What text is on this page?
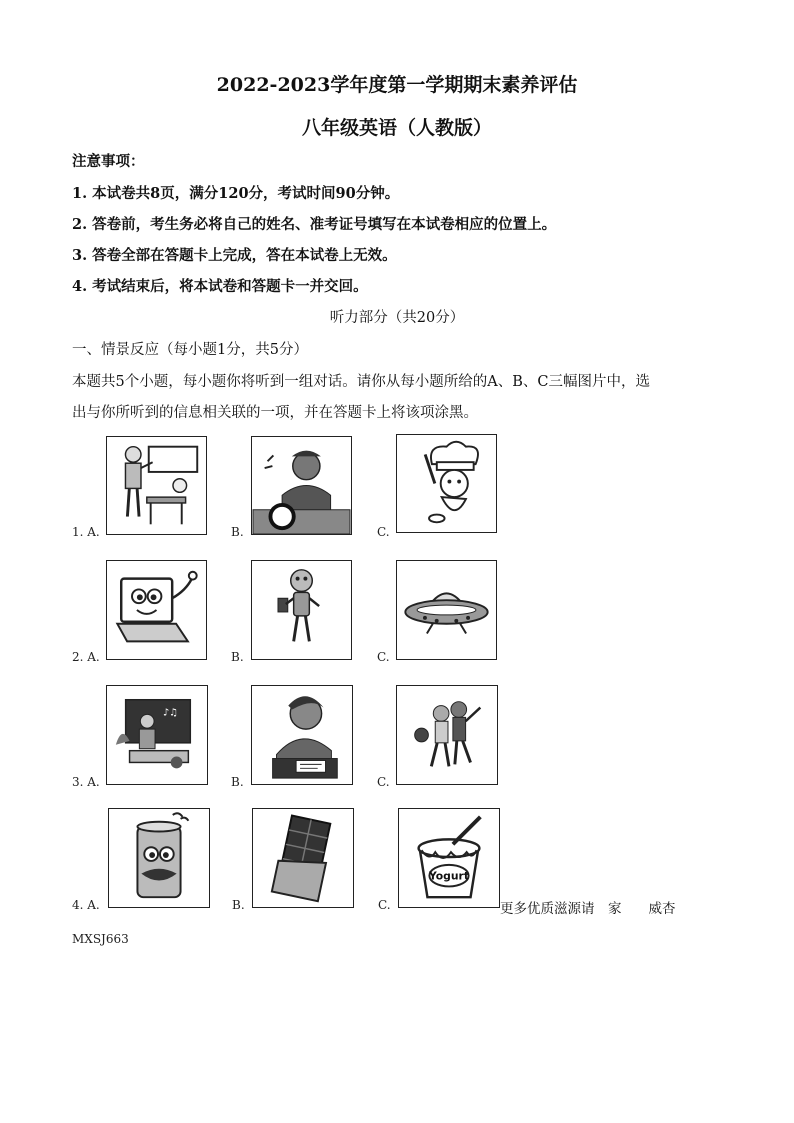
2022-2023学年度第一学期期末素养评估
八年级英语（人教版）
注意事项：
1. 本试卷共8页，满分120分，考试时间90分钟。
2. 答卷前，考生务必将自己的姓名、准考证号填写在本试卷相应的位置上。
3. 答卷全部在答题卡上完成，答在本试卷上无效。
4. 考试结束后，将本试卷和答题卡一并交回。
听力部分（共20分）
一、情景反应（每小题1分，共5分）
本题共5个小题，每小题你将听到一组对话。请你从每小题所给的A、B、C三幅图片中，选
出与你所听到的信息相关联的一项，并在答题卡上将该项涂黑。
1. A.	B.	C.
2. A.	B.	C.
3. A.
♪♫
B.	C.
4. A.	B.	C.
Yogurt
更多优质滋源请　家　　威杏
MXSJ663
